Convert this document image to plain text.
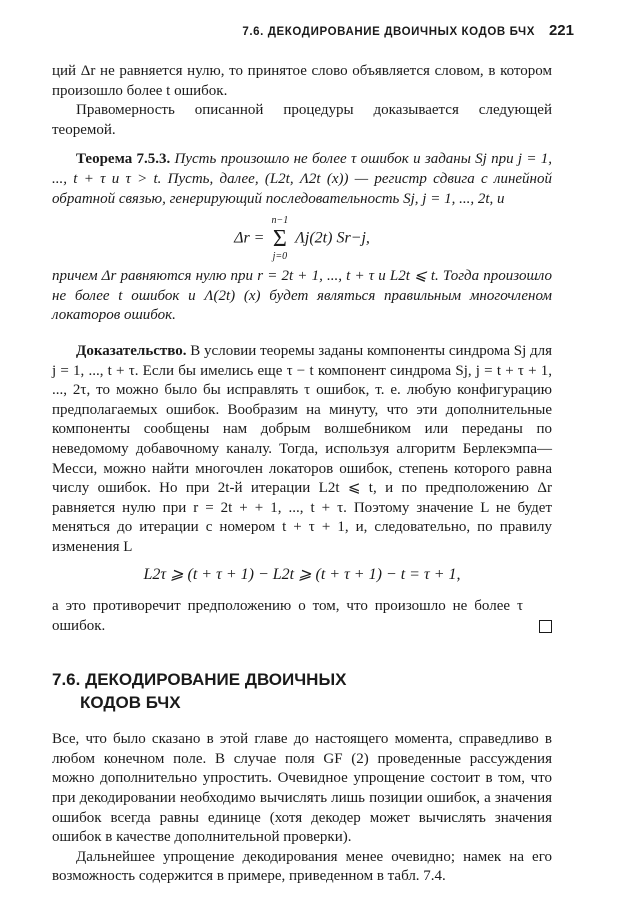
7.6. ДЕКОДИРОВАНИЕ ДВОИЧНЫХ КОДОВ БЧХ 221

ций Δr не равняется нулю, то принятое слово объявляется словом, в котором произошло более t ошибок.

Правомерность описанной процедуры доказывается следующей теоремой.

Теорема 7.5.3. Пусть произошло не более τ ошибок и заданы Sj при j = 1, ..., t + τ и τ > t. Пусть, далее, (L2t, Λ2t (x)) — регистр сдвига с линейной обратной связью, генерирующий последовательность Sj, j = 1, ..., 2t, и

Δr =
n−1
Σ
j=0
Λj(2t) Sr−j,

причем Δr равняются нулю при r = 2t + 1, ..., t + τ и L2t ⩽ t. Тогда произошло не более t ошибок и Λ(2t) (x) будет являться правильным многочленом локаторов ошибок.

Доказательство. В условии теоремы заданы компоненты синдрома Sj для j = 1, ..., t + τ. Если бы имелись еще τ − t компонент синдрома Sj, j = t + τ + 1, ..., 2τ, то можно было бы исправлять τ ошибок, т. е. любую конфигурацию предполагаемых ошибок. Вообразим на минуту, что эти дополнительные компоненты сообщены нам добрым волшебником или переданы по неведомому добавочному каналу. Тогда, используя алгоритм Берлекэмпа—Месси, можно найти многочлен локаторов ошибок, степень которого равна числу ошибок. Но при 2t-й итерации L2t ⩽ t, и по предположению Δr равняется нулю при r = 2t + + 1, ..., t + τ. Поэтому значение L не будет меняться до итерации с номером t + τ + 1, и, следовательно, по правилу изменения L

L2τ ⩾ (t + τ + 1) − L2t ⩾ (t + τ + 1) − t = τ + 1,

а это противоречит предположению о том, что произошло не более τ ошибок.

7.6. ДЕКОДИРОВАНИЕ ДВОИЧНЫХ
КОДОВ БЧХ

Все, что было сказано в этой главе до настоящего момента, справедливо в любом конечном поле. В случае поля GF (2) проведенные рассуждения можно дополнительно упростить. Очевидное упрощение состоит в том, что при декодировании необходимо вычислять лишь позиции ошибок, а значения ошибок всегда равны единице (хотя декодер может вычислять значения ошибок в качестве дополнительной проверки).

Дальнейшее упрощение декодирования менее очевидно; намек на его возможность содержится в примере, приведенном в табл. 7.4.
